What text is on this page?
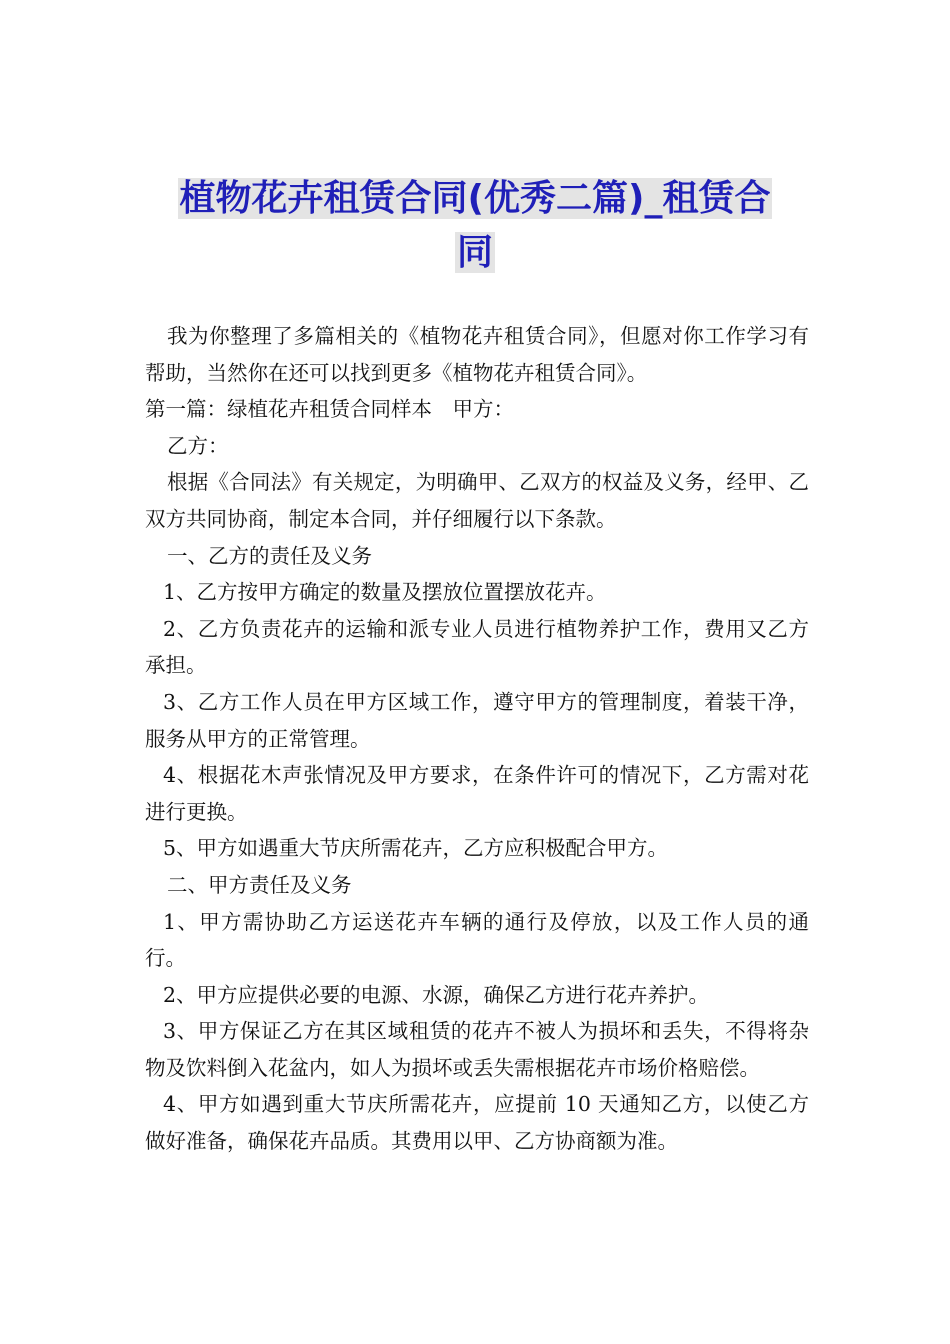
植物花卉租赁合同(优秀二篇)_租赁合
同

我为你整理了多篇相关的《植物花卉租赁合同》，但愿对你工作学习有帮助，当然你在还可以找到更多《植物花卉租赁合同》。

第一篇：绿植花卉租赁合同样本　甲方：

乙方：

根据《合同法》有关规定，为明确甲、乙双方的权益及义务，经甲、乙双方共同协商，制定本合同，并仔细履行以下条款。

一、乙方的责任及义务

1、乙方按甲方确定的数量及摆放位置摆放花卉。

2、乙方负责花卉的运输和派专业人员进行植物养护工作，费用又乙方承担。

3、乙方工作人员在甲方区域工作，遵守甲方的管理制度，着装干净，服务从甲方的正常管理。

4、根据花木声张情况及甲方要求，在条件许可的情况下，乙方需对花进行更换。

5、甲方如遇重大节庆所需花卉，乙方应积极配合甲方。

二、甲方责任及义务

1、甲方需协助乙方运送花卉车辆的通行及停放，以及工作人员的通行。

2、甲方应提供必要的电源、水源，确保乙方进行花卉养护。

3、甲方保证乙方在其区域租赁的花卉不被人为损坏和丢失，不得将杂物及饮料倒入花盆内，如人为损坏或丢失需根据花卉市场价格赔偿。

4、甲方如遇到重大节庆所需花卉，应提前 10 天通知乙方，以使乙方做好准备，确保花卉品质。其费用以甲、乙方协商额为准。
